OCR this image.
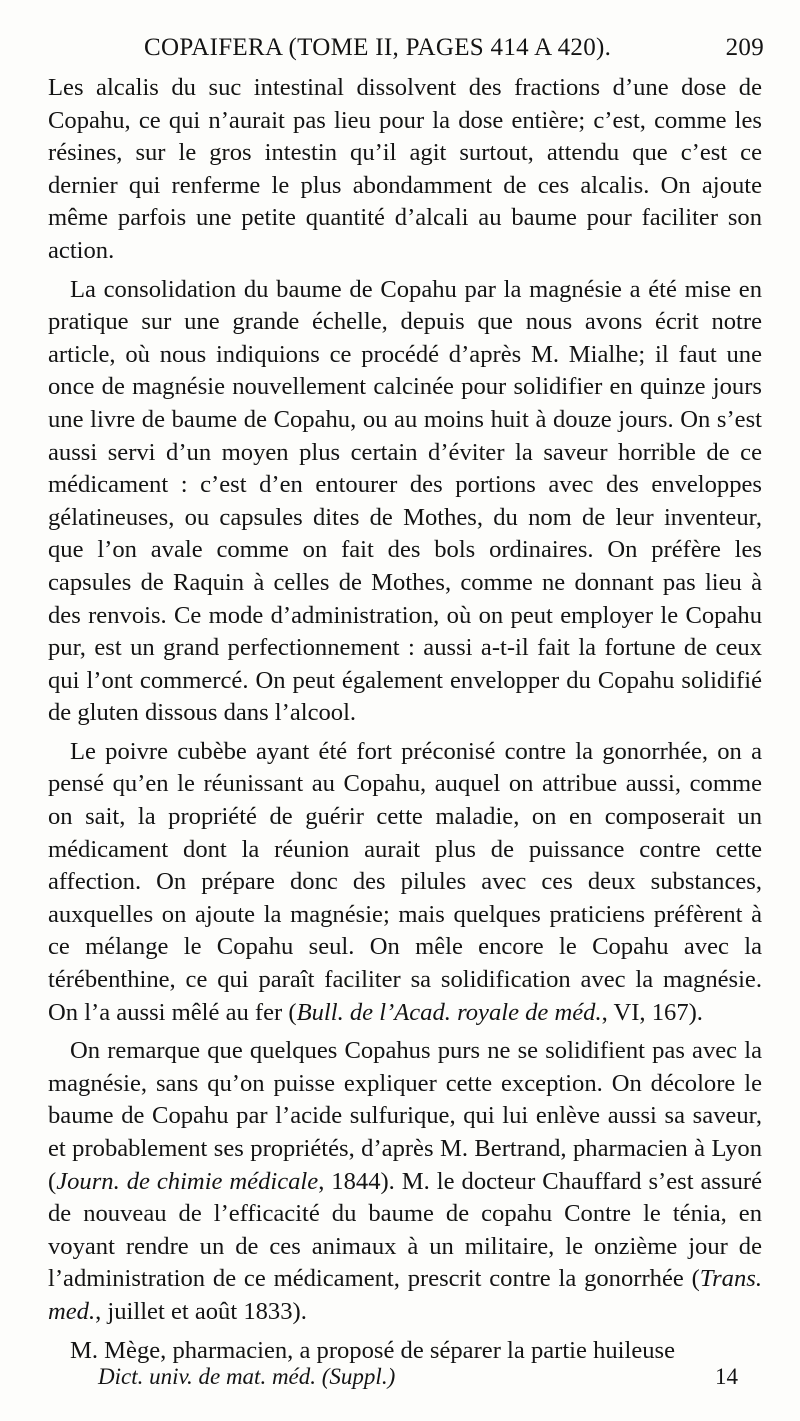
COPAIFERA (TOME II, PAGES 414 A 420).	209

Les alcalis du suc intestinal dissolvent des fractions d’une dose de Copahu, ce qui n’aurait pas lieu pour la dose entière; c’est, comme les résines, sur le gros intestin qu’il agit surtout, attendu que c’est ce dernier qui renferme le plus abondamment de ces alcalis. On ajoute même parfois une petite quantité d’alcali au baume pour faciliter son action.

La consolidation du baume de Copahu par la magnésie a été mise en pratique sur une grande échelle, depuis que nous avons écrit notre article, où nous indiquions ce procédé d’après M. Mialhe; il faut une once de magnésie nouvellement calcinée pour solidifier en quinze jours une livre de baume de Copahu, ou au moins huit à douze jours. On s’est aussi servi d’un moyen plus certain d’éviter la saveur horrible de ce médicament : c’est d’en entourer des portions avec des enveloppes gélatineuses, ou capsules dites de Mothes, du nom de leur inventeur, que l’on avale comme on fait des bols ordinaires. On préfère les capsules de Raquin à celles de Mothes, comme ne donnant pas lieu à des renvois. Ce mode d’administration, où on peut employer le Copahu pur, est un grand perfectionnement : aussi a-t-il fait la fortune de ceux qui l’ont commercé. On peut également envelopper du Copahu solidifié de gluten dissous dans l’alcool.

Le poivre cubèbe ayant été fort préconisé contre la gonorrhée, on a pensé qu’en le réunissant au Copahu, auquel on attribue aussi, comme on sait, la propriété de guérir cette maladie, on en composerait un médicament dont la réunion aurait plus de puissance contre cette affection. On prépare donc des pilules avec ces deux substances, auxquelles on ajoute la magnésie; mais quelques praticiens préfèrent à ce mélange le Copahu seul. On mêle encore le Copahu avec la térébenthine, ce qui paraît faciliter sa solidification avec la magnésie. On l’a aussi mêlé au fer (Bull. de l’Acad. royale de méd., VI, 167).

On remarque que quelques Copahus purs ne se solidifient pas avec la magnésie, sans qu’on puisse expliquer cette exception. On décolore le baume de Copahu par l’acide sulfurique, qui lui enlève aussi sa saveur, et probablement ses propriétés, d’après M. Bertrand, pharmacien à Lyon (Journ. de chimie médicale, 1844). M. le docteur Chauffard s’est assuré de nouveau de l’efficacité du baume de copahu Contre le ténia, en voyant rendre un de ces animaux à un militaire, le onzième jour de l’administration de ce médicament, prescrit contre la gonorrhée (Trans. med., juillet et août 1833).

M. Mège, pharmacien, a proposé de séparer la partie huileuse

Dict. univ. de mat. méd. (Suppl.)	14
